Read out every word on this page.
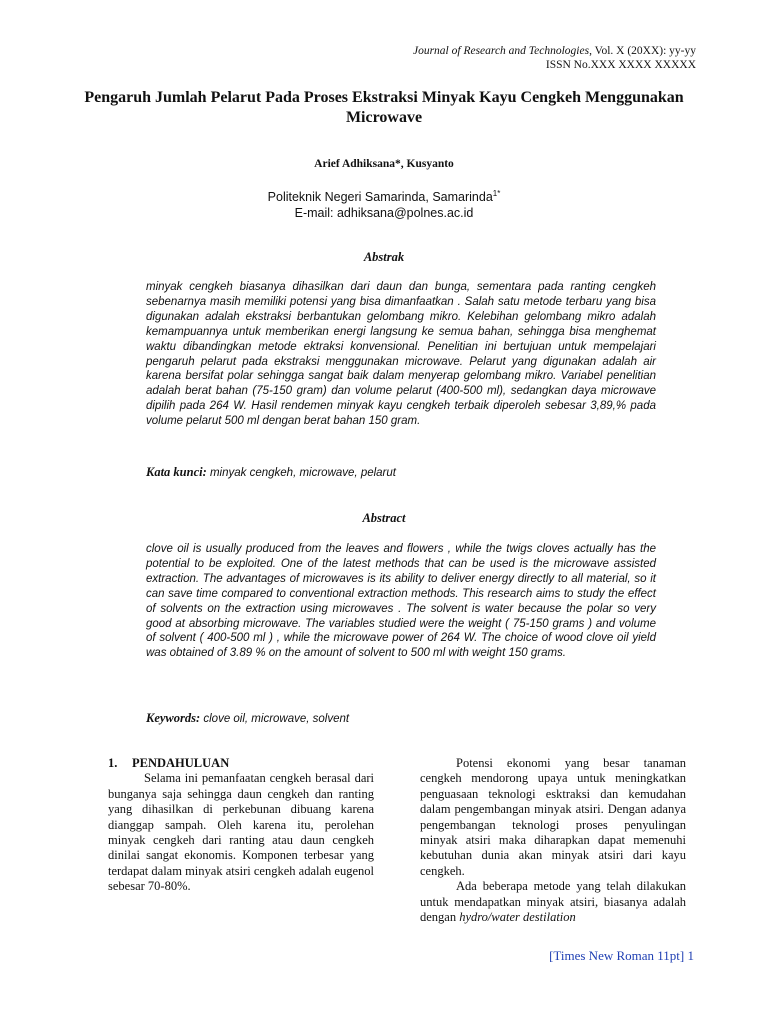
Journal of Research and Technologies, Vol. X (20XX): yy-yy
ISSN No.XXX XXXX XXXXX
Pengaruh Jumlah Pelarut Pada Proses Ekstraksi Minyak Kayu Cengkeh Menggunakan Microwave
Arief Adhiksana*, Kusyanto
Politeknik Negeri Samarinda, Samarinda$^{1*}$
E-mail: adhiksana@polnes.ac.id
Abstrak
minyak cengkeh biasanya dihasilkan dari daun dan bunga, sementara pada ranting cengkeh sebenarnya masih memiliki potensi yang bisa dimanfaatkan . Salah satu metode terbaru yang bisa digunakan adalah ekstraksi berbantukan gelombang mikro. Kelebihan gelombang mikro adalah kemampuannya untuk memberikan energi langsung ke semua bahan, sehingga bisa menghemat waktu dibandingkan metode ektraksi konvensional. Penelitian ini bertujuan untuk mempelajari pengaruh pelarut pada ekstraksi menggunakan microwave. Pelarut yang digunakan adalah air karena bersifat polar sehingga sangat baik dalam menyerap gelombang mikro. Variabel penelitian adalah berat bahan (75-150 gram) dan volume pelarut (400-500 ml), sedangkan daya microwave dipilih pada 264 W. Hasil rendemen minyak kayu cengkeh terbaik diperoleh sebesar 3,89,% pada volume pelarut 500 ml dengan berat bahan 150 gram.
Kata kunci: minyak cengkeh, microwave, pelarut
Abstract
clove oil is usually produced from the leaves and flowers , while the twigs cloves actually has the potential to be exploited. One of the latest methods that can be used is the microwave assisted extraction. The advantages of microwaves is its ability to deliver energy directly to all material, so it can save time compared to conventional extraction methods. This research aims to study the effect of solvents on the extraction using microwaves . The solvent is water because the polar so very good at absorbing microwave. The variables studied were the weight ( 75-150 grams ) and volume of solvent ( 400-500 ml ) , while the microwave power of 264 W. The choice of wood clove oil yield was obtained of 3.89 % on the amount of solvent to 500 ml with weight 150 grams.
Keywords: clove oil, microwave, solvent

1. PENDAHULUAN

Selama ini pemanfaatan cengkeh berasal dari bunganya saja sehingga daun cengkeh dan ranting yang dihasilkan di perkebunan dibuang karena dianggap sampah. Oleh karena itu, perolehan minyak cengkeh dari ranting atau daun cengkeh dinilai sangat ekonomis. Komponen terbesar yang terdapat dalam minyak atsiri cengkeh adalah eugenol sebesar 70-80%.

Potensi ekonomi yang besar tanaman cengkeh mendorong upaya untuk meningkatkan penguasaan teknologi esktraksi dan kemudahan dalam pengembangan minyak atsiri. Dengan adanya pengembangan teknologi proses penyulingan minyak atsiri maka diharapkan dapat memenuhi kebutuhan dunia akan minyak atsiri dari kayu cengkeh.

Ada beberapa metode yang telah dilakukan untuk mendapatkan minyak atsiri, biasanya adalah dengan hydro/water destilation

[Times New Roman 11pt] 1
